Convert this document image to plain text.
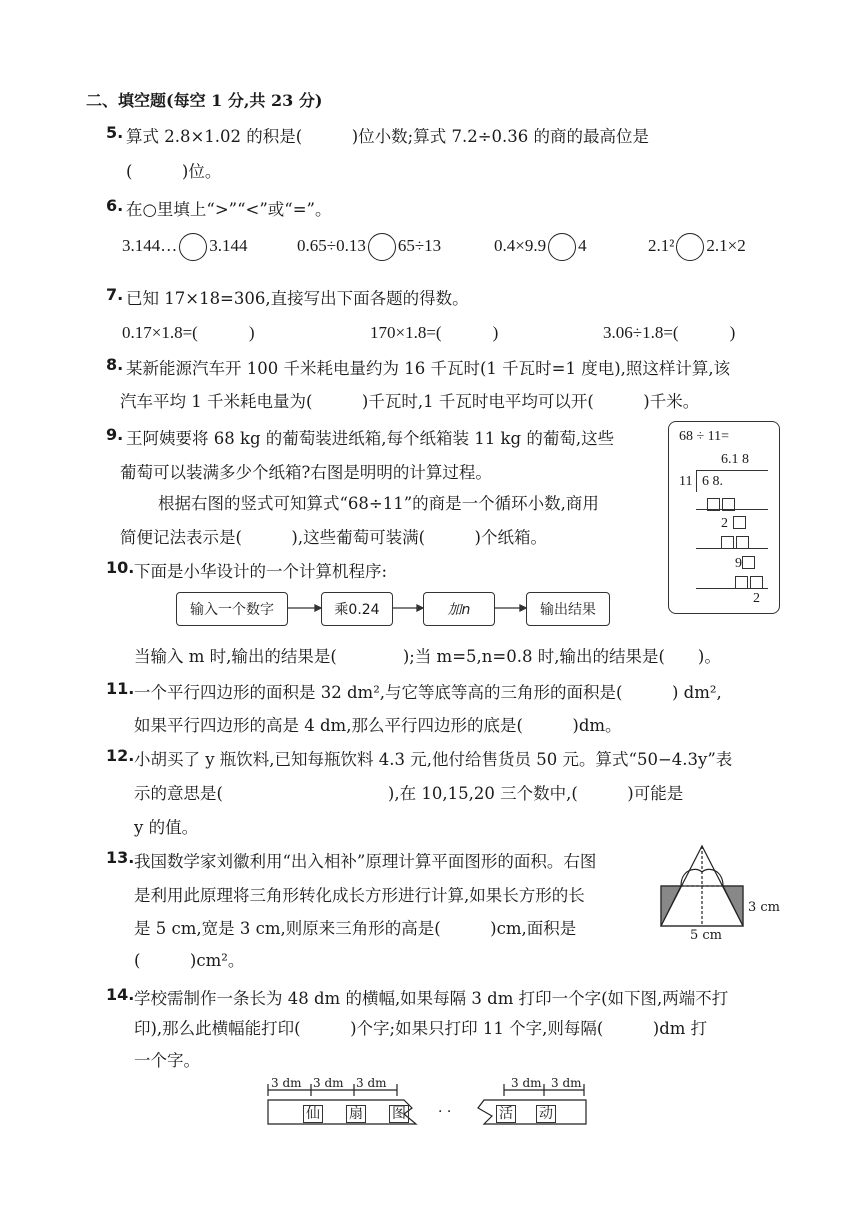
二、填空题(每空 1 分,共 23 分)
5. 算式 2.8×1.02 的积是(　　　)位小数;算式 7.2÷0.36 的商的最高位是
(　　　)位。
6. 在○里填上“>”“<”或“=”。
3.144… 3.144	0.65÷0.13 65÷13	0.4×9.9 4	2.1² 2.1×2
7. 已知 17×18=306,直接写出下面各题的得数。
0.17×1.8=(　　　)	170×1.8=(　　　)	3.06÷1.8=(　　　)
8. 某新能源汽车开 100 千米耗电量约为 16 千瓦时(1 千瓦时=1 度电),照这样计算,该
汽车平均 1 千米耗电量为(　　　)千瓦时,1 千瓦时电平均可以开(　　　)千米。
9. 王阿姨要将 68 kg 的葡萄装进纸箱,每个纸箱装 11 kg 的葡萄,这些
葡萄可以装满多少个纸箱?右图是明明的计算过程。
根据右图的竖式可知算式“68÷11”的商是一个循环小数,商用
简便记法表示是(　　　),这些葡萄可装满(　　　)个纸箱。
68 ÷ 11=
6.1 8
11 6 8.
2
9
2
10. 下面是小华设计的一个计算机程序:
输入一个数字	乘0.24	加n	输出结果
当输入 m 时,输出的结果是(　　　　);当 m=5,n=0.8 时,输出的结果是(　　)。
11. 一个平行四边形的面积是 32 dm²,与它等底等高的三角形的面积是(　　　) dm²,
如果平行四边形的高是 4 dm,那么平行四边形的底是(　　　)dm。
12. 小胡买了 y 瓶饮料,已知每瓶饮料 4.3 元,他付给售货员 50 元。算式“50−4.3y”表
示的意思是(　　　　　　　　　　),在 10,15,20 三个数中,(　　　)可能是
y 的值。
13. 我国数学家刘徽利用“出入相补”原理计算平面图形的面积。右图
是利用此原理将三角形转化成长方形进行计算,如果长方形的长
是 5 cm,宽是 3 cm,则原来三角形的高是(　　　)cm,面积是
(　　　)cm²。
3 cm
5 cm
14. 学校需制作一条长为 48 dm 的横幅,如果每隔 3 dm 打印一个字(如下图,两端不打
印),那么此横幅能打印(　　　)个字;如果只打印 11 个字,则每隔(　　　)dm 打
一个字。
3 dm 3 dm 3 dm
仙 扇 图 · ·
3 dm 3 dm
活 动
